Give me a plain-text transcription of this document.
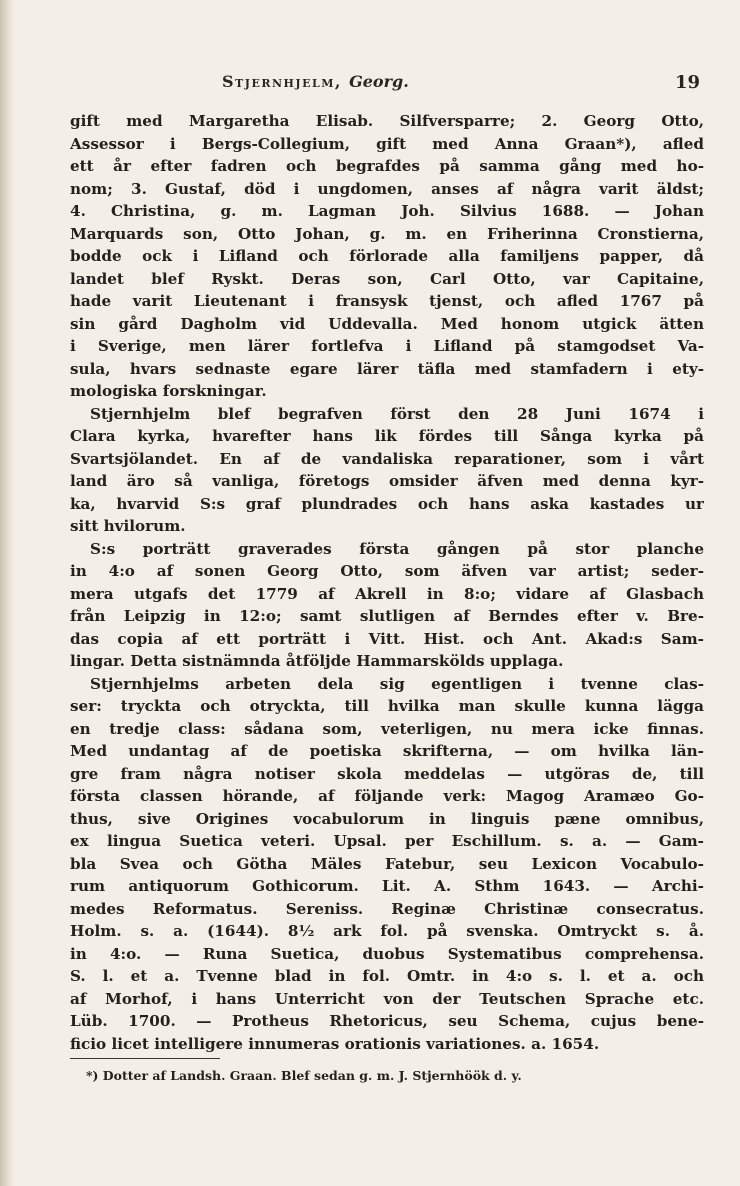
Stjernhjelm, Georg.	19
gift med Margaretha Elisab. Silfversparre; 2. Georg Otto,
Assessor i Bergs-Collegium, gift med Anna Graan*), afled
ett år efter fadren och begrafdes på samma gång med ho-
nom; 3. Gustaf, död i ungdomen, anses af några varit äldst;
4. Christina, g. m. Lagman Joh. Silvius 1688. — Johan
Marquards son, Otto Johan, g. m. en Friherinna Cronstierna,
bodde ock i Lifland och förlorade alla familjens papper, då
landet blef Ryskt. Deras son, Carl Otto, var Capitaine,
hade varit Lieutenant i fransysk tjenst, och afled 1767 på
sin gård Dagholm vid Uddevalla. Med honom utgick ätten
i Sverige, men lärer fortlefva i Lifland på stamgodset Va-
sula, hvars sednaste egare lärer täfla med stamfadern i ety-
mologiska forskningar.
Stjernhjelm blef begrafven först den 28 Juni 1674 i
Clara kyrka, hvarefter hans lik fördes till Sånga kyrka på
Svartsjölandet. En af de vandaliska reparationer, som i vårt
land äro så vanliga, företogs omsider äfven med denna kyr-
ka, hvarvid S:s graf plundrades och hans aska kastades ur
sitt hvilorum.
S:s porträtt graverades första gången på stor planche
in 4:o af sonen Georg Otto, som äfven var artist; seder-
mera utgafs det 1779 af Akrell in 8:o; vidare af Glasbach
från Leipzig in 12:o; samt slutligen af Berndes efter v. Bre-
das copia af ett porträtt i Vitt. Hist. och Ant. Akad:s Sam-
lingar. Detta sistnämnda åtföljde Hammarskölds upplaga.
Stjernhjelms arbeten dela sig egentligen i tvenne clas-
ser: tryckta och otryckta, till hvilka man skulle kunna lägga
en tredje class: sådana som, veterligen, nu mera icke finnas.
Med undantag af de poetiska skrifterna, — om hvilka län-
gre fram några notiser skola meddelas — utgöras de, till
första classen hörande, af följande verk: Magog Aramæo Go-
thus, sive Origines vocabulorum in linguis pæne omnibus,
ex lingua Suetica veteri. Upsal. per Eschillum. s. a. — Gam-
bla Svea och Götha Mäles Fatebur, seu Lexicon Vocabulo-
rum antiquorum Gothicorum. Lit. A. Sthm 1643. — Archi-
medes Reformatus. Sereniss. Reginæ Christinæ consecratus.
Holm. s. a. (1644). 8½ ark fol. på svenska. Omtryckt s. å.
in 4:o. — Runa Suetica, duobus Systematibus comprehensa.
S. l. et a. Tvenne blad in fol. Omtr. in 4:o s. l. et a. och
af Morhof, i hans Unterricht von der Teutschen Sprache etc.
Lüb. 1700. — Protheus Rhetoricus, seu Schema, cujus bene-
ficio licet intelligere innumeras orationis variationes. a. 1654.
*) Dotter af Landsh. Graan. Blef sedan g. m. J. Stjernhöök d. y.
